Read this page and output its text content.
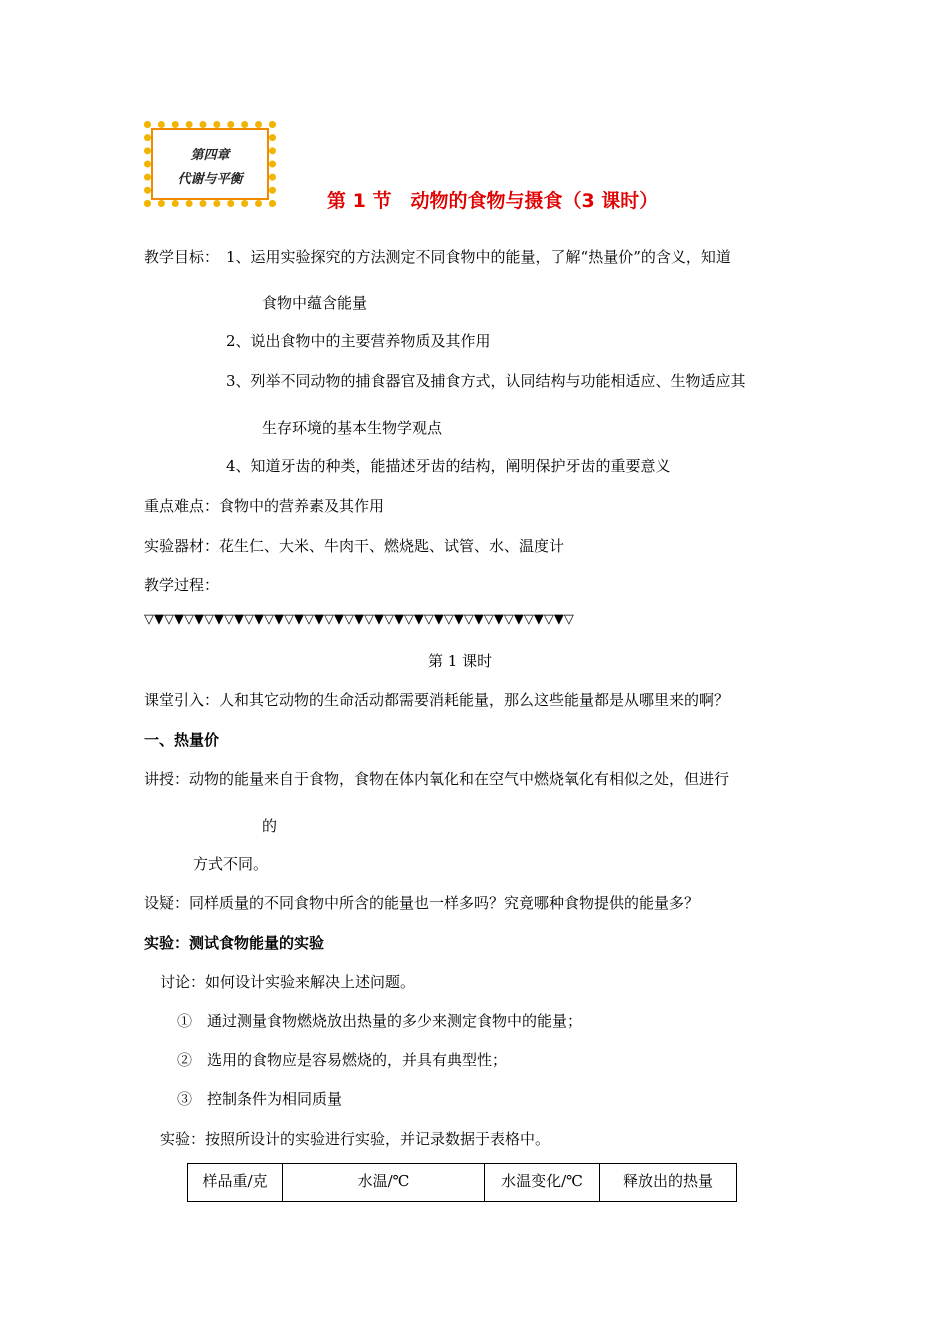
第四章
代谢与平衡
第 1 节　动物的食物与摄食（3 课时）
教学目标： 1、运用实验探究的方法测定不同食物中的能量，了解“热量价”的含义，知道
食物中蕴含能量
2、说出食物中的主要营养物质及其作用
3、列举不同动物的捕食器官及捕食方式，认同结构与功能相适应、生物适应其
生存环境的基本生物学观点
4、知道牙齿的种类，能描述牙齿的结构，阐明保护牙齿的重要意义
重点难点：食物中的营养素及其作用
实验器材：花生仁、大米、牛肉干、燃烧匙、试管、水、温度计
教学过程：
▽▼▽▼▽▼▽▼▽▼▽▼▽▼▽▼▽▼▽▼▽▼▽▼▽▼▽▼▽▼▽▼▽▼▽▼▽▼▽▼▽▼▽
第 1 课时
课堂引入：人和其它动物的生命活动都需要消耗能量，那么这些能量都是从哪里来的啊？
一、热量价
讲授：动物的能量来自于食物，食物在体内氧化和在空气中燃烧氧化有相似之处，但进行
的
方式不同。
设疑：同样质量的不同食物中所含的能量也一样多吗？究竟哪种食物提供的能量多？
实验：测试食物能量的实验
讨论：如何设计实验来解决上述问题。
①　通过测量食物燃烧放出热量的多少来测定食物中的能量；
②　选用的食物应是容易燃烧的，并具有典型性；
③　控制条件为相同质量
实验：按照所设计的实验进行实验，并记录数据于表格中。
样品重/克	水温/℃	水温变化/℃	释放出的热量
